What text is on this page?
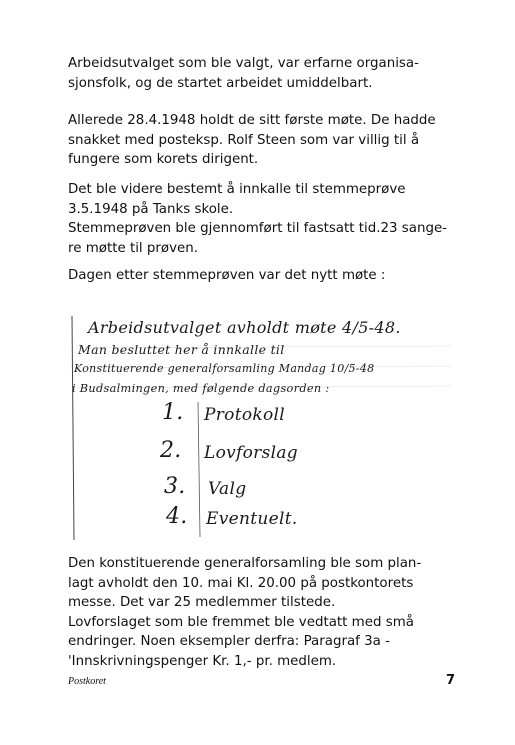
Arbeidsutvalget som ble valgt, var erfarne organisa-
sjonsfolk, og de startet arbeidet umiddelbart.
Allerede 28.4.1948 holdt de sitt første møte. De hadde
snakket med posteksp. Rolf Steen som var villig til å
fungere som korets dirigent.
Det ble videre bestemt å innkalle til stemmeprøve
3.5.1948 på Tanks skole.
Stemmeprøven ble gjennomført til fastsatt tid.23 sange-
re møtte til prøven.
Dagen etter stemmeprøven var det nytt møte :
Arbeidsutvalget avholdt møte 4/5-48.
Man besluttet her å innkalle til
Konstituerende generalforsamling Mandag 10/5-48
i Budsalmingen, med følgende dagsorden :
1. Protokoll
2. Lovforslag
3. Valg
4. Eventuelt.
Den konstituerende generalforsamling ble som plan-
lagt avholdt den 10. mai Kl. 20.00 på postkontorets
messe. Det var 25 medlemmer tilstede.
Lovforslaget som ble fremmet ble vedtatt med små
endringer. Noen eksempler derfra: Paragraf 3a -
'Innskrivningspenger Kr. 1,- pr. medlem.
Postkoret	7
